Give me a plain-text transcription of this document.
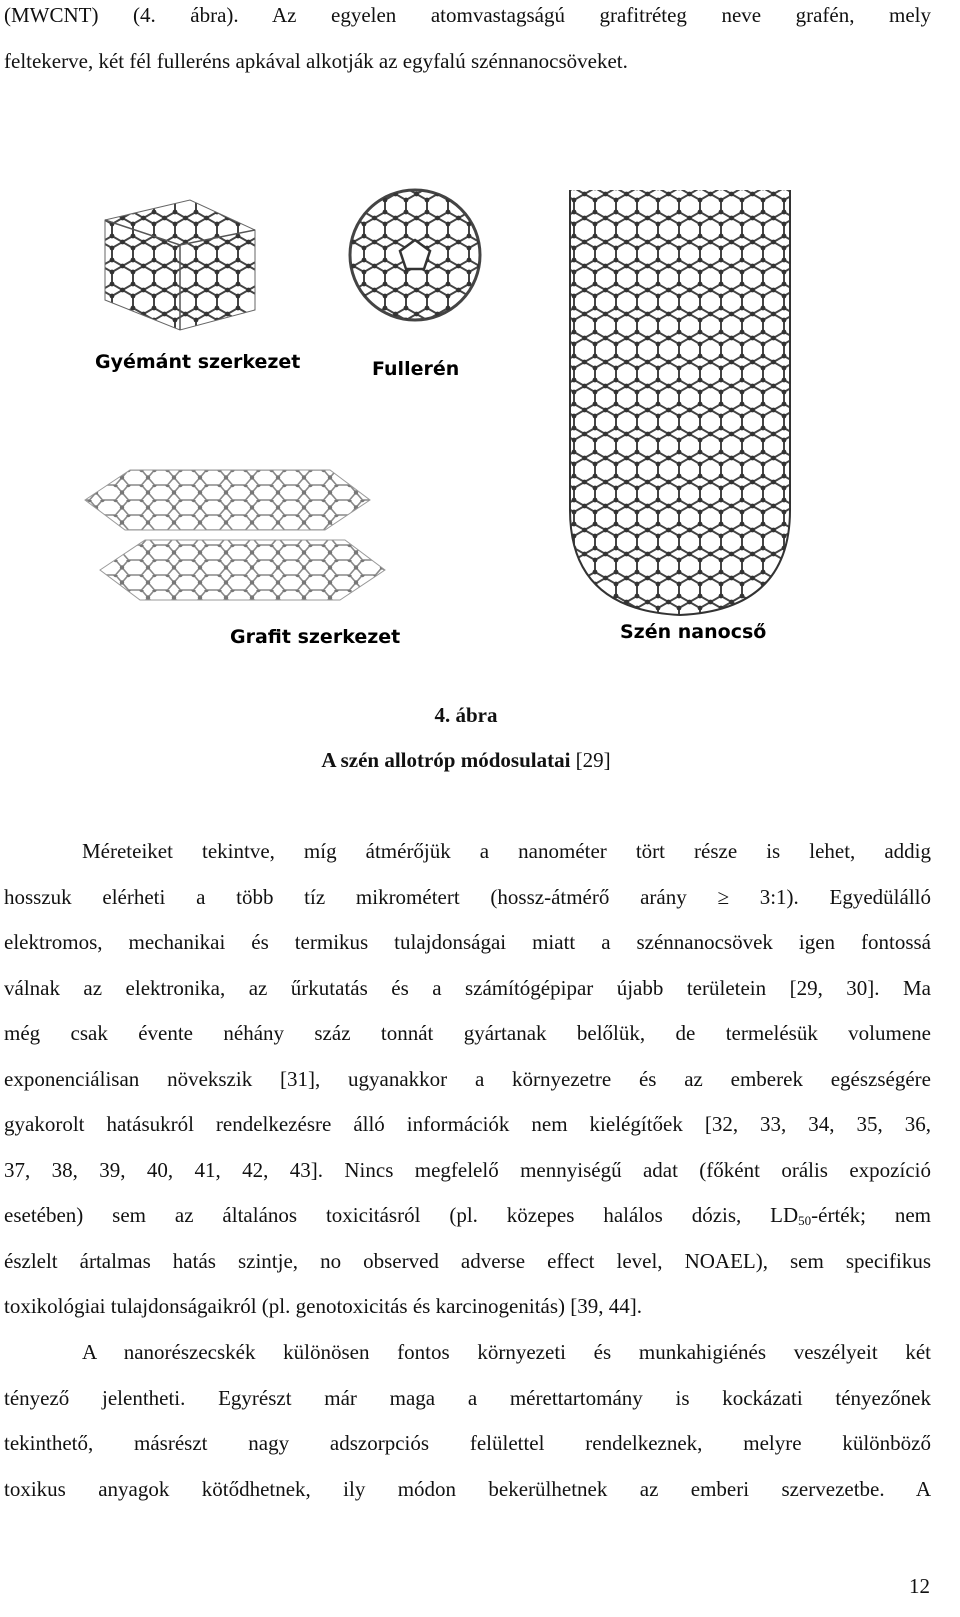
(MWCNT) (4. ábra). Az egyelen atomvastagságú grafitréteg neve grafén, mely
feltekerve, két fél fulleréns apkával alkotják az egyfalú szénnanocsöveket.
Gyémánt szerkezet	Fullerén
Grafit szerkezet	Szén nanocső
4. ábra
A szén allotróp módosulatai [29]
Méreteiket tekintve, míg átmérőjük a nanométer tört része is lehet, addig
hosszuk elérheti a több tíz mikrométert (hossz-átmérő arány ≥ 3:1). Egyedülálló
elektromos, mechanikai és termikus tulajdonságai miatt a szénnanocsövek igen fontossá
válnak az elektronika, az űrkutatás és a számítógépipar újabb területein [29, 30]. Ma
még csak évente néhány száz tonnát gyártanak belőlük, de termelésük volumene
exponenciálisan növekszik [31], ugyanakkor a környezetre és az emberek egészségére
gyakorolt hatásukról rendelkezésre álló információk nem kielégítőek [32, 33, 34, 35, 36,
37, 38, 39, 40, 41, 42, 43]. Nincs megfelelő mennyiségű adat (főként orális expozíció
esetében) sem az általános toxicitásról (pl. közepes halálos dózis, $LD_{50}$-érték; nem
észlelt ártalmas hatás szintje, no observed adverse effect level, NOAEL), sem specifikus
toxikológiai tulajdonságaikról (pl. genotoxicitás és karcinogenitás) [39, 44].
A nanorészecskék különösen fontos környezeti és munkahigiénés veszélyeit két
tényező jelentheti. Egyrészt már maga a mérettartomány is kockázati tényezőnek
tekinthető, másrészt nagy adszorpciós felülettel rendelkeznek, melyre különböző
toxikus anyagok kötődhetnek, ily módon bekerülhetnek az emberi szervezetbe. A
12
